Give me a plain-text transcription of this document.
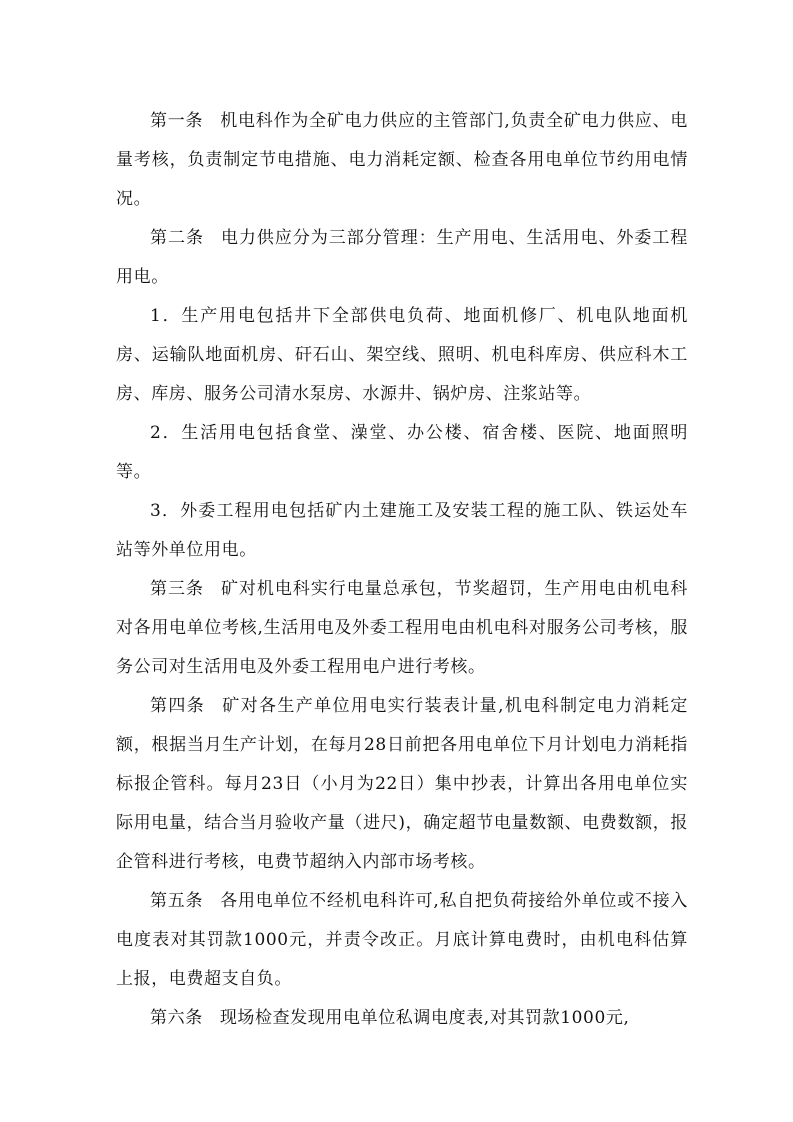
第一条 机电科作为全矿电力供应的主管部门,负责全矿电力供应、电量考核，负责制定节电措施、电力消耗定额、检查各用电单位节约用电情况。

第二条 电力供应分为三部分管理：生产用电、生活用电、外委工程用电。

1．生产用电包括井下全部供电负荷、地面机修厂、机电队地面机房、运输队地面机房、矸石山、架空线、照明、机电科库房、供应科木工房、库房、服务公司清水泵房、水源井、锅炉房、注浆站等。

2．生活用电包括食堂、澡堂、办公楼、宿舍楼、医院、地面照明等。

3．外委工程用电包括矿内土建施工及安装工程的施工队、铁运处车站等外单位用电。

第三条 矿对机电科实行电量总承包，节奖超罚，生产用电由机电科对各用电单位考核,生活用电及外委工程用电由机电科对服务公司考核，服务公司对生活用电及外委工程用电户进行考核。

第四条 矿对各生产单位用电实行装表计量,机电科制定电力消耗定额，根据当月生产计划，在每月28日前把各用电单位下月计划电力消耗指标报企管科。每月23日（小月为22日）集中抄表，计算出各用电单位实际用电量，结合当月验收产量（进尺)，确定超节电量数额、电费数额，报企管科进行考核，电费节超纳入内部市场考核。

第五条 各用电单位不经机电科许可,私自把负荷接给外单位或不接入电度表对其罚款1000元，并责令改正。月底计算电费时，由机电科估算上报，电费超支自负。

第六条 现场检查发现用电单位私调电度表,对其罚款1000元,
